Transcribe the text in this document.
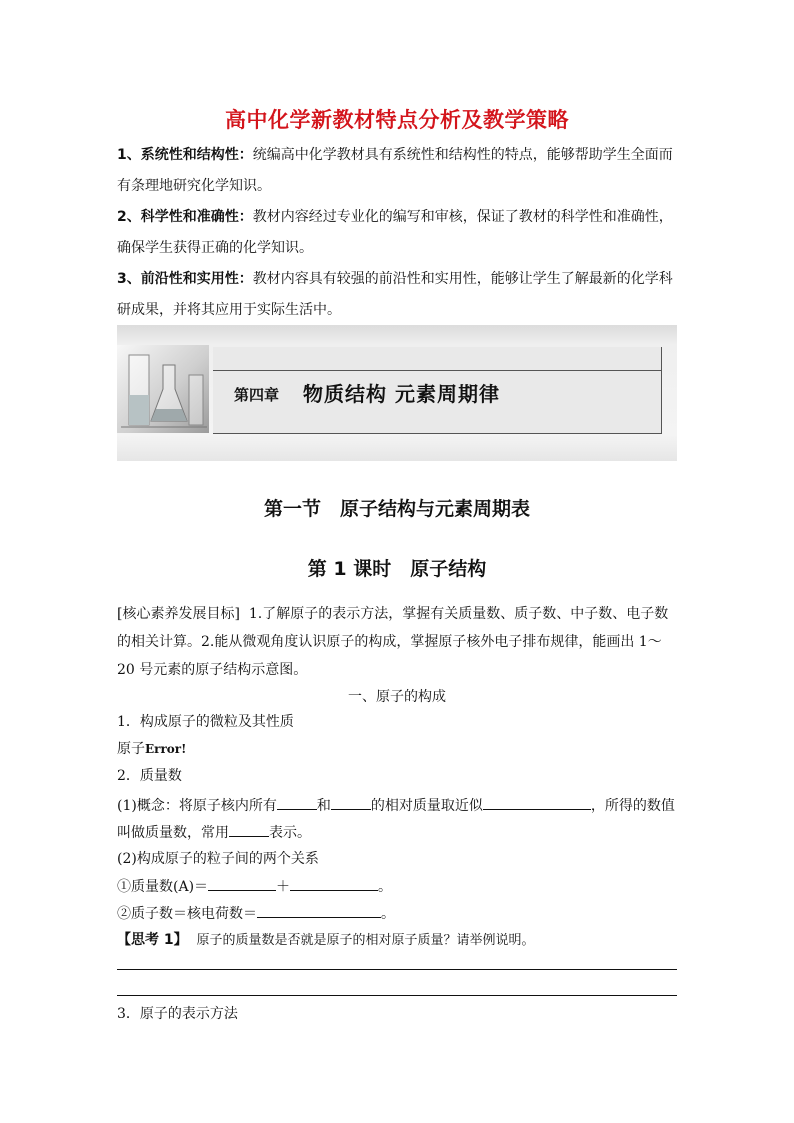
高中化学新教材特点分析及教学策略
1、系统性和结构性：统编高中化学教材具有系统性和结构性的特点，能够帮助学生全面而有条理地研究化学知识。
2、科学性和准确性：教材内容经过专业化的编写和审核，保证了教材的科学性和准确性，确保学生获得正确的化学知识。
3、前沿性和实用性：教材内容具有较强的前沿性和实用性，能够让学生了解最新的化学科研成果，并将其应用于实际生活中。
第四章 物质结构 元素周期律
第一节　原子结构与元素周期表
第 1 课时　原子结构
[核心素养发展目标] 1.了解原子的表示方法，掌握有关质量数、质子数、中子数、电子数的相关计算。2.能从微观角度认识原子的构成，掌握原子核外电子排布规律，能画出 1～20 号元素的原子结构示意图。
一、原子的构成
1．构成原子的微粒及其性质
原子Error!
2．质量数
(1)概念：将原子核内所有	和	的相对质量取近似	，所得的数值
叫做质量数，常用	表示。
(2)构成原子的粒子间的两个关系
①质量数(A)＝	＋	。
②质子数＝核电荷数＝	。
【思考 1】 原子的质量数是否就是原子的相对原子质量？请举例说明。
3．原子的表示方法
